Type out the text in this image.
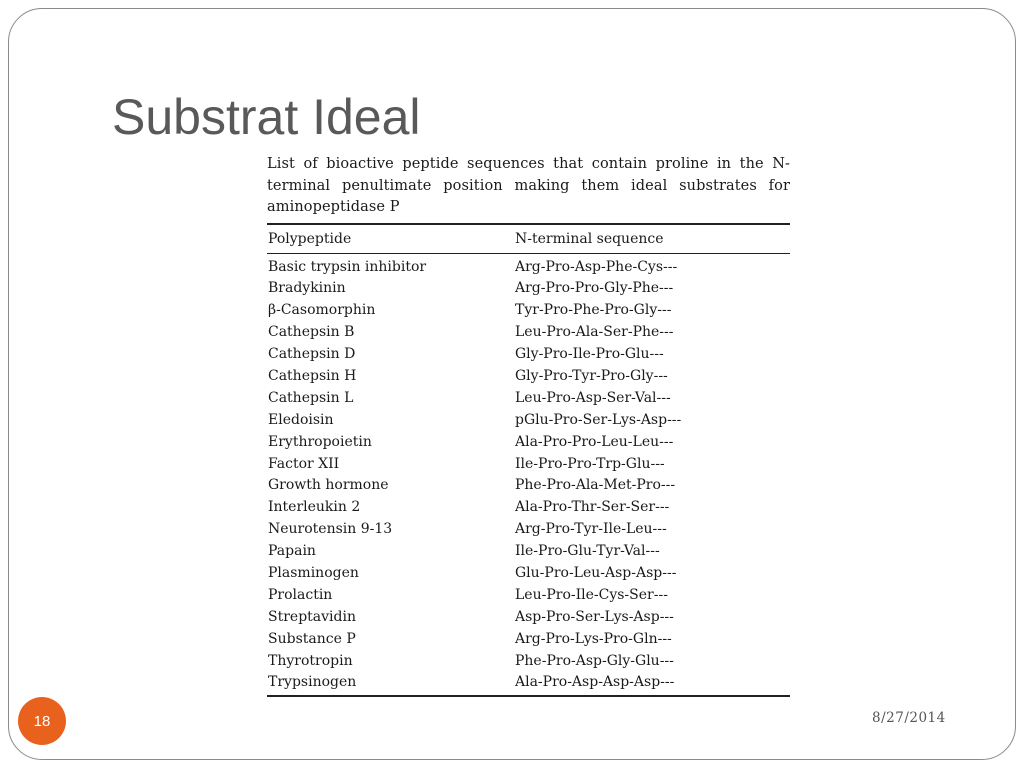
Substrat Ideal

List of bioactive peptide sequences that contain proline in the N-terminal penultimate position making them ideal substrates for aminopeptidase P

Polypeptide	N-terminal sequence
Basic trypsin inhibitor	Arg-Pro-Asp-Phe-Cys---
Bradykinin	Arg-Pro-Pro-Gly-Phe---
β-Casomorphin	Tyr-Pro-Phe-Pro-Gly---
Cathepsin B	Leu-Pro-Ala-Ser-Phe---
Cathepsin D	Gly-Pro-Ile-Pro-Glu---
Cathepsin H	Gly-Pro-Tyr-Pro-Gly---
Cathepsin L	Leu-Pro-Asp-Ser-Val---
Eledoisin	pGlu-Pro-Ser-Lys-Asp---
Erythropoietin	Ala-Pro-Pro-Leu-Leu---
Factor XII	Ile-Pro-Pro-Trp-Glu---
Growth hormone	Phe-Pro-Ala-Met-Pro---
Interleukin 2	Ala-Pro-Thr-Ser-Ser---
Neurotensin 9-13	Arg-Pro-Tyr-Ile-Leu---
Papain	Ile-Pro-Glu-Tyr-Val---
Plasminogen	Glu-Pro-Leu-Asp-Asp---
Prolactin	Leu-Pro-Ile-Cys-Ser---
Streptavidin	Asp-Pro-Ser-Lys-Asp---
Substance P	Arg-Pro-Lys-Pro-Gln---
Thyrotropin	Phe-Pro-Asp-Gly-Glu---
Trypsinogen	Ala-Pro-Asp-Asp-Asp---
18	8/27/2014
